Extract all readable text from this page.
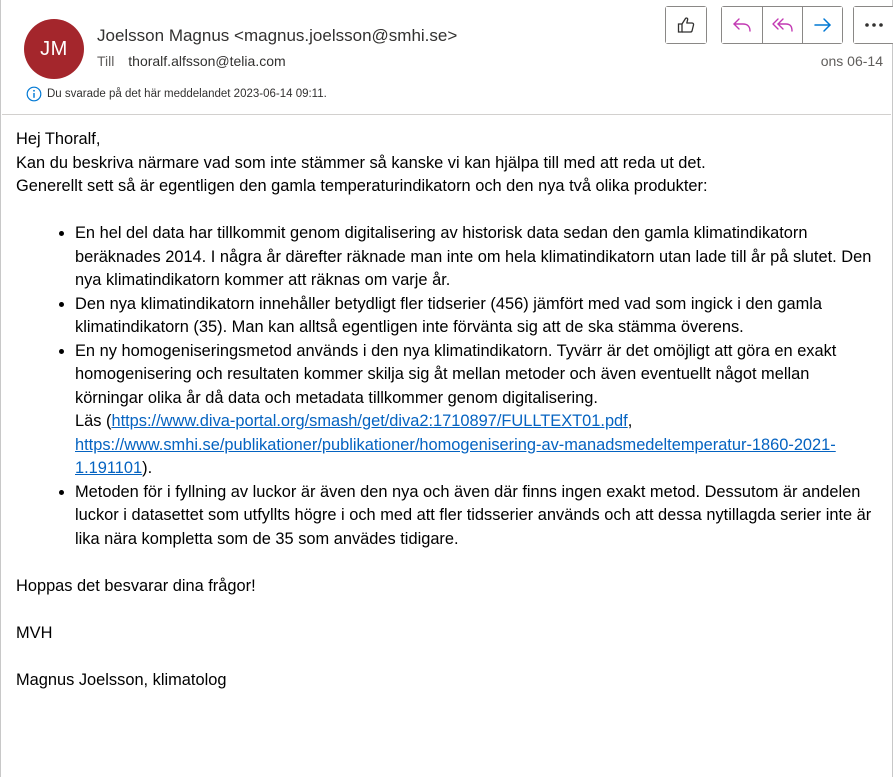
JM
Joelsson Magnus <magnus.joelsson@smhi.se>
Till thoralf.alfsson@telia.com	ons 06-14
Du svarade på det här meddelandet 2023-06-14 09:11.

Hej Thoralf,

Kan du beskriva närmare vad som inte stämmer så kanske vi kan hjälpa till med att reda ut det.

Generellt sett så är egentligen den gamla temperaturindikatorn och den nya två olika produkter:

• En hel del data har tillkommit genom digitalisering av historisk data sedan den gamla klimatindikatorn beräknades 2014. I några år därefter räknade man inte om hela klimatindikatorn utan lade till år på slutet. Den nya klimatindikatorn kommer att räknas om varje år.
• Den nya klimatindikatorn innehåller betydligt fler tidserier (456) jämfört med vad som ingick i den gamla klimatindikatorn (35). Man kan alltså egentligen inte förvänta sig att de ska stämma överens.
• En ny homogeniseringsmetod används i den nya klimatindikatorn. Tyvärr är det omöjligt att göra en exakt homogenisering och resultaten kommer skilja sig åt mellan metoder och även eventuellt något mellan körningar olika år då data och metadata tillkommer genom digitalisering.
Läs (https://www.diva-portal.org/smash/get/diva2:1710897/FULLTEXT01.pdf,
https://www.smhi.se/publikationer/publikationer/homogenisering-av-manadsmedeltemperatur-1860-2021-1.191101).
• Metoden för i fyllning av luckor är även den nya och även där finns ingen exakt metod. Dessutom är andelen luckor i datasettet som utfyllts högre i och med att fler tidsserier används och att dessa nytillagda serier inte är lika nära kompletta som de 35 som anvädes tidigare.

Hoppas det besvarar dina frågor!

MVH

Magnus Joelsson, klimatolog
